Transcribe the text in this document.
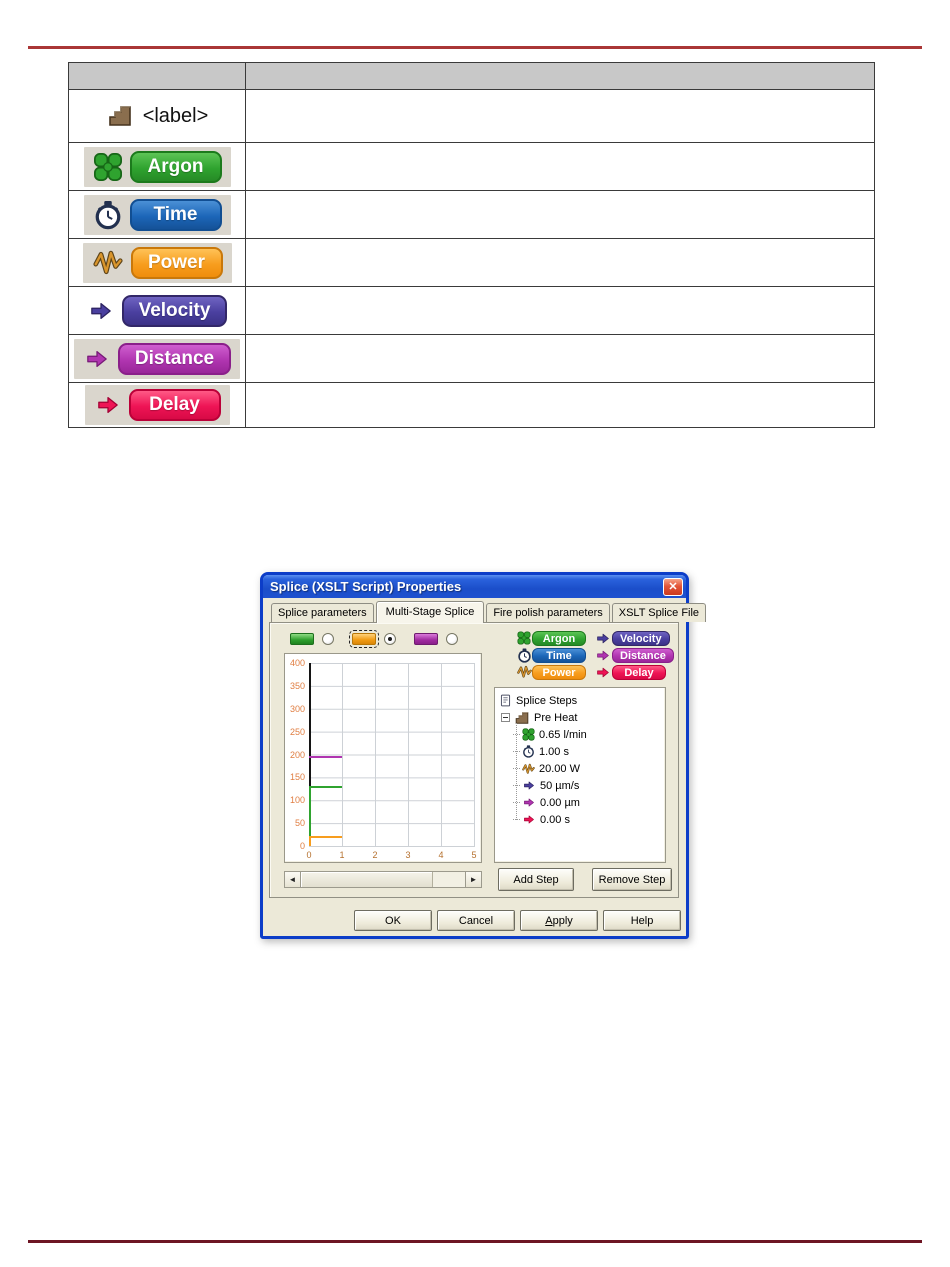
<label>
Argon
Time
Power
Velocity
Distance
Delay
Splice (XSLT Script) Properties	✕
Splice parameters	Multi-Stage Splice	Fire polish parameters	XSLT Splice File
400
350
300
250
200
150
100
50
0
0	1	2	3	4	5
◄	►
Argon	Velocity
Time	Distance
Power	Delay
Splice Steps
Pre Heat
0.65 l/min
1.00 s
20.00 W
50 µm/s
0.00 µm
0.00 s
Add Step	Remove Step
OK	Cancel	Apply	Help
